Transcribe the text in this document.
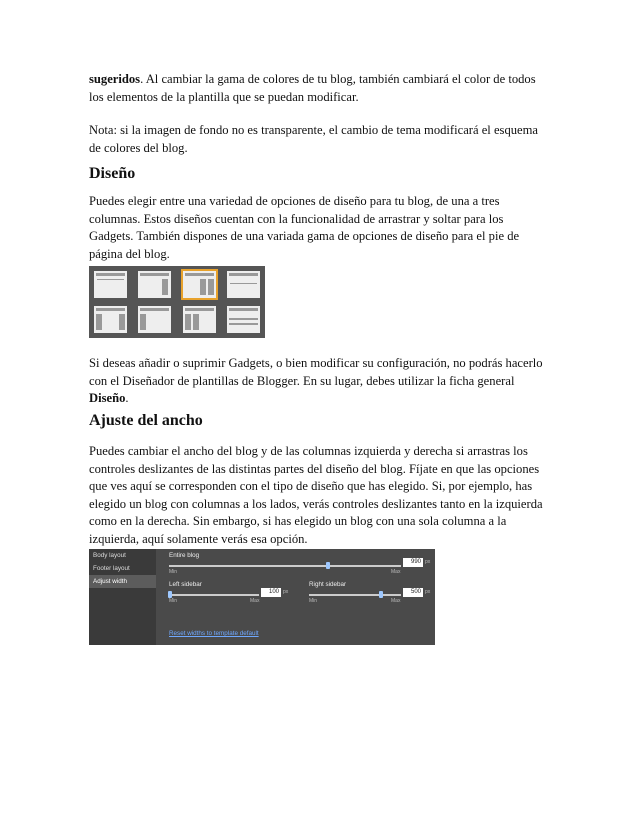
sugeridos. Al cambiar la gama de colores de tu blog, también cambiará el color de todos los elementos de la plantilla que se puedan modificar.

Nota: si la imagen de fondo no es transparente, el cambio de tema modificará el esquema de colores del blog.

Diseño

Puedes elegir entre una variedad de opciones de diseño para tu blog, de una a tres columnas. Estos diseños cuentan con la funcionalidad de arrastrar y soltar para los Gadgets. También dispones de una variada gama de opciones de diseño para el pie de página del blog.

Si deseas añadir o suprimir Gadgets, o bien modificar su configuración, no podrás hacerlo con el Diseñador de plantillas de Blogger. En su lugar, debes utilizar la ficha general Diseño.

Ajuste del ancho

Puedes cambiar el ancho del blog y de las columnas izquierda y derecha si arrastras los controles deslizantes de las distintas partes del diseño del blog. Fíjate en que las opciones que ves aquí se corresponden con el tipo de diseño que has elegido. Si, por ejemplo, has elegido un blog con columnas a los lados, verás controles deslizantes tanto en la izquierda como en la derecha. Sin embargo, si has elegido un blog con una sola columna a la izquierda, aquí solamente verás esa opción.

Body layout
Footer layout
Adjust width
Entire blog
Min	Max
990 px
Left sidebar
Min	Max
100 px
Right sidebar
Min	Max
500 px
Reset widths to template default
